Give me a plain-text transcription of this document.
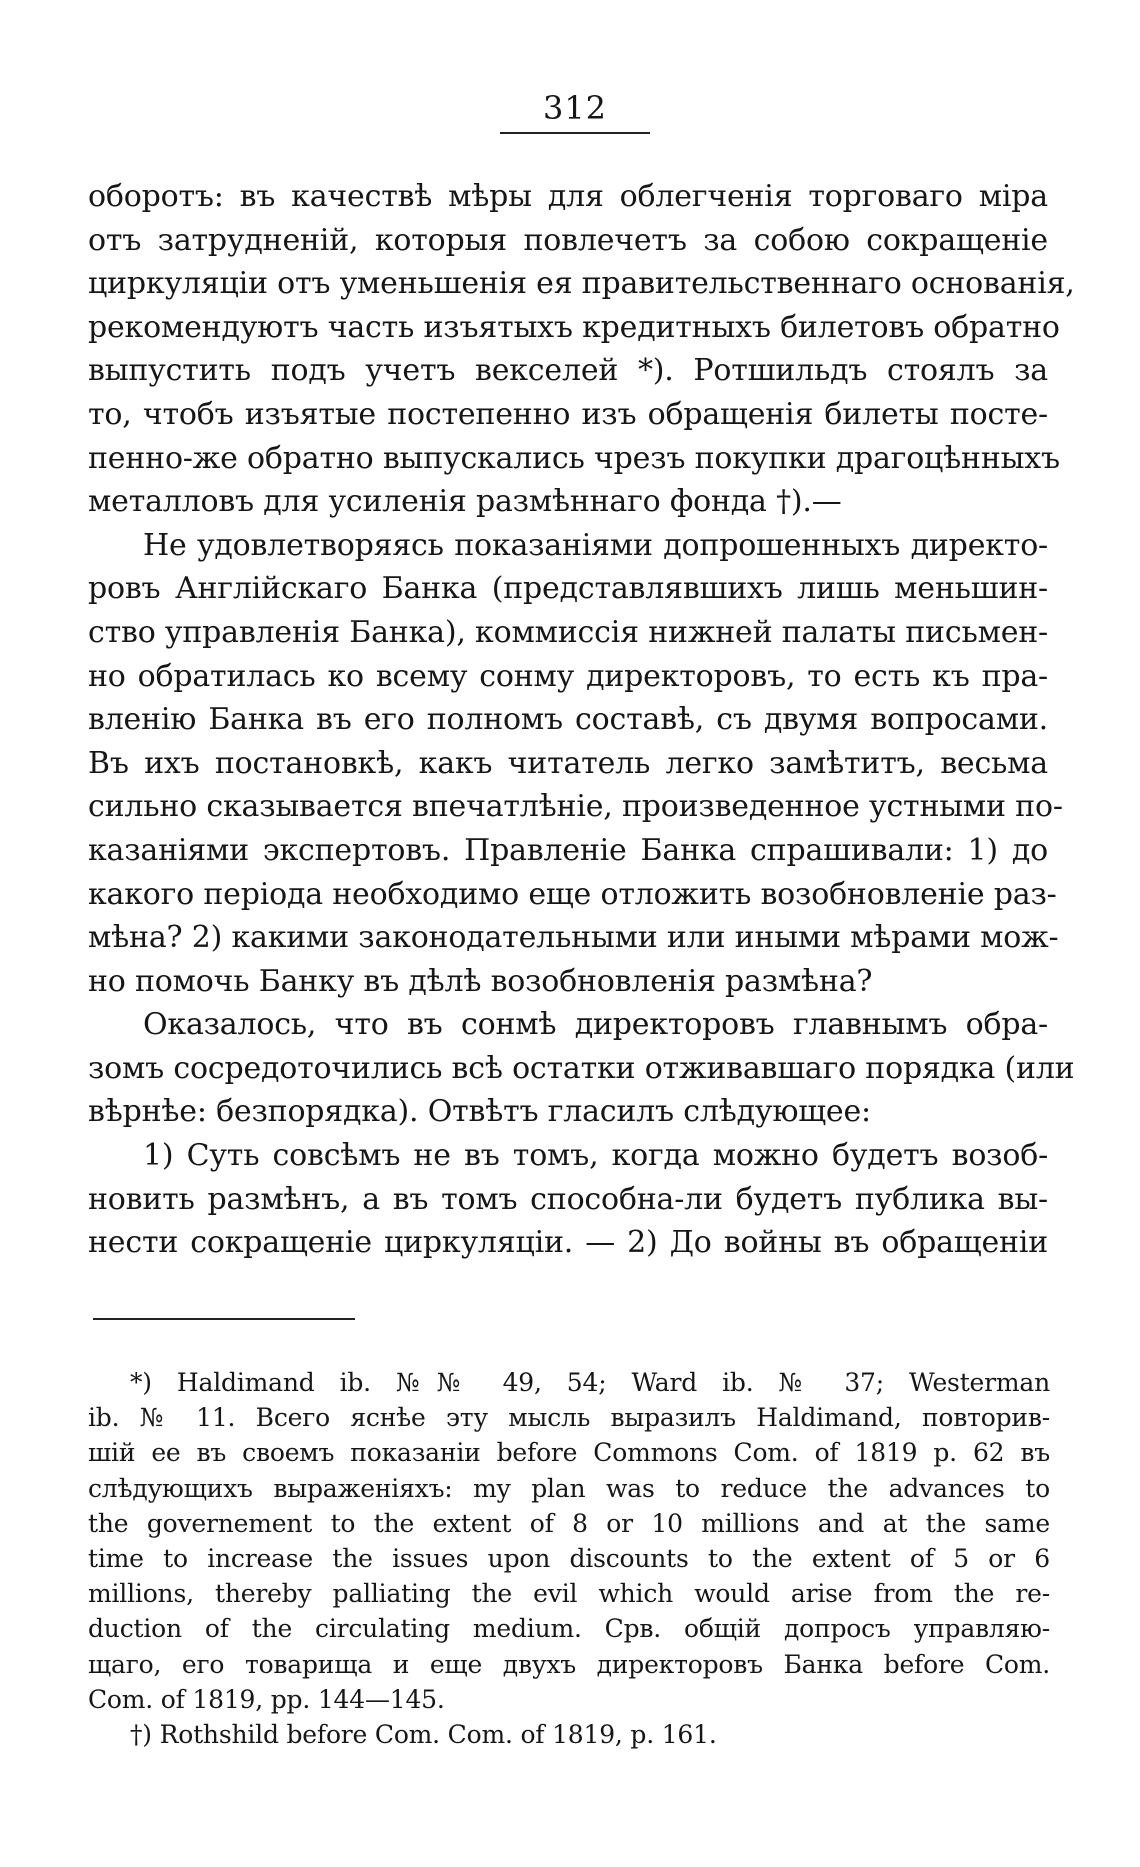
312
оборотъ: въ качествѣ мѣры для облегченія торговаго міра
отъ затрудненій, которыя повлечетъ за собою сокращеніе
циркуляціи отъ уменьшенія ея правительственнаго основанія,
рекомендуютъ часть изъятыхъ кредитныхъ билетовъ обратно
выпустить подъ учетъ векселей *). Ротшильдъ стоялъ за
то, чтобъ изъятые постепенно изъ обращенія билеты посте-
пенно-же обратно выпускались чрезъ покупки драгоцѣнныхъ
металловъ для усиленія размѣннаго фонда †).—
Не удовлетворяясь показаніями допрошенныхъ директо-
ровъ Англійскаго Банка (представлявшихъ лишь меньшин-
ство управленія Банка), коммиссія нижней палаты письмен-
но обратилась ко всему сонму директоровъ, то есть къ пра-
вленію Банка въ его полномъ составѣ, съ двумя вопросами.
Въ ихъ постановкѣ, какъ читатель легко замѣтитъ, весьма
сильно сказывается впечатлѣніе, произведенное устными по-
казаніями экспертовъ. Правленіе Банка спрашивали: 1) до
какого періода необходимо еще отложить возобновленіе раз-
мѣна? 2) какими законодательными или иными мѣрами мож-
но помочь Банку въ дѣлѣ возобновленія размѣна?
Оказалось, что въ сонмѣ директоровъ главнымъ обра-
зомъ сосредоточились всѣ остатки отживавшаго порядка (или
вѣрнѣе: безпорядка). Отвѣтъ гласилъ слѣдующее:
1) Суть совсѣмъ не въ томъ, когда можно будетъ возоб-
новить размѣнъ, а въ томъ способна-ли будетъ публика вы-
нести сокращеніе циркуляціи. — 2) До войны въ обращеніи
*) Haldimand ib. №№ 49, 54; Ward ib. № 37; Westerman
ib. № 11. Всего яснѣе эту мысль выразилъ Haldimand, повторив-
шій ее въ своемъ показаніи before Commons Com. of 1819 p. 62 въ
слѣдующихъ выраженіяхъ: my plan was to reduce the advances to
the governement to the extent of 8 or 10 millions and at the same
time to increase the issues upon discounts to the extent of 5 or 6
millions, thereby palliating the evil which would arise from the re-
duction of the circulating medium. Срв. общій допросъ управляю-
щаго, его товарища и еще двухъ директоровъ Банка before Com.
Com. of 1819, pp. 144—145.
†) Rothshild before Com. Com. of 1819, p. 161.
